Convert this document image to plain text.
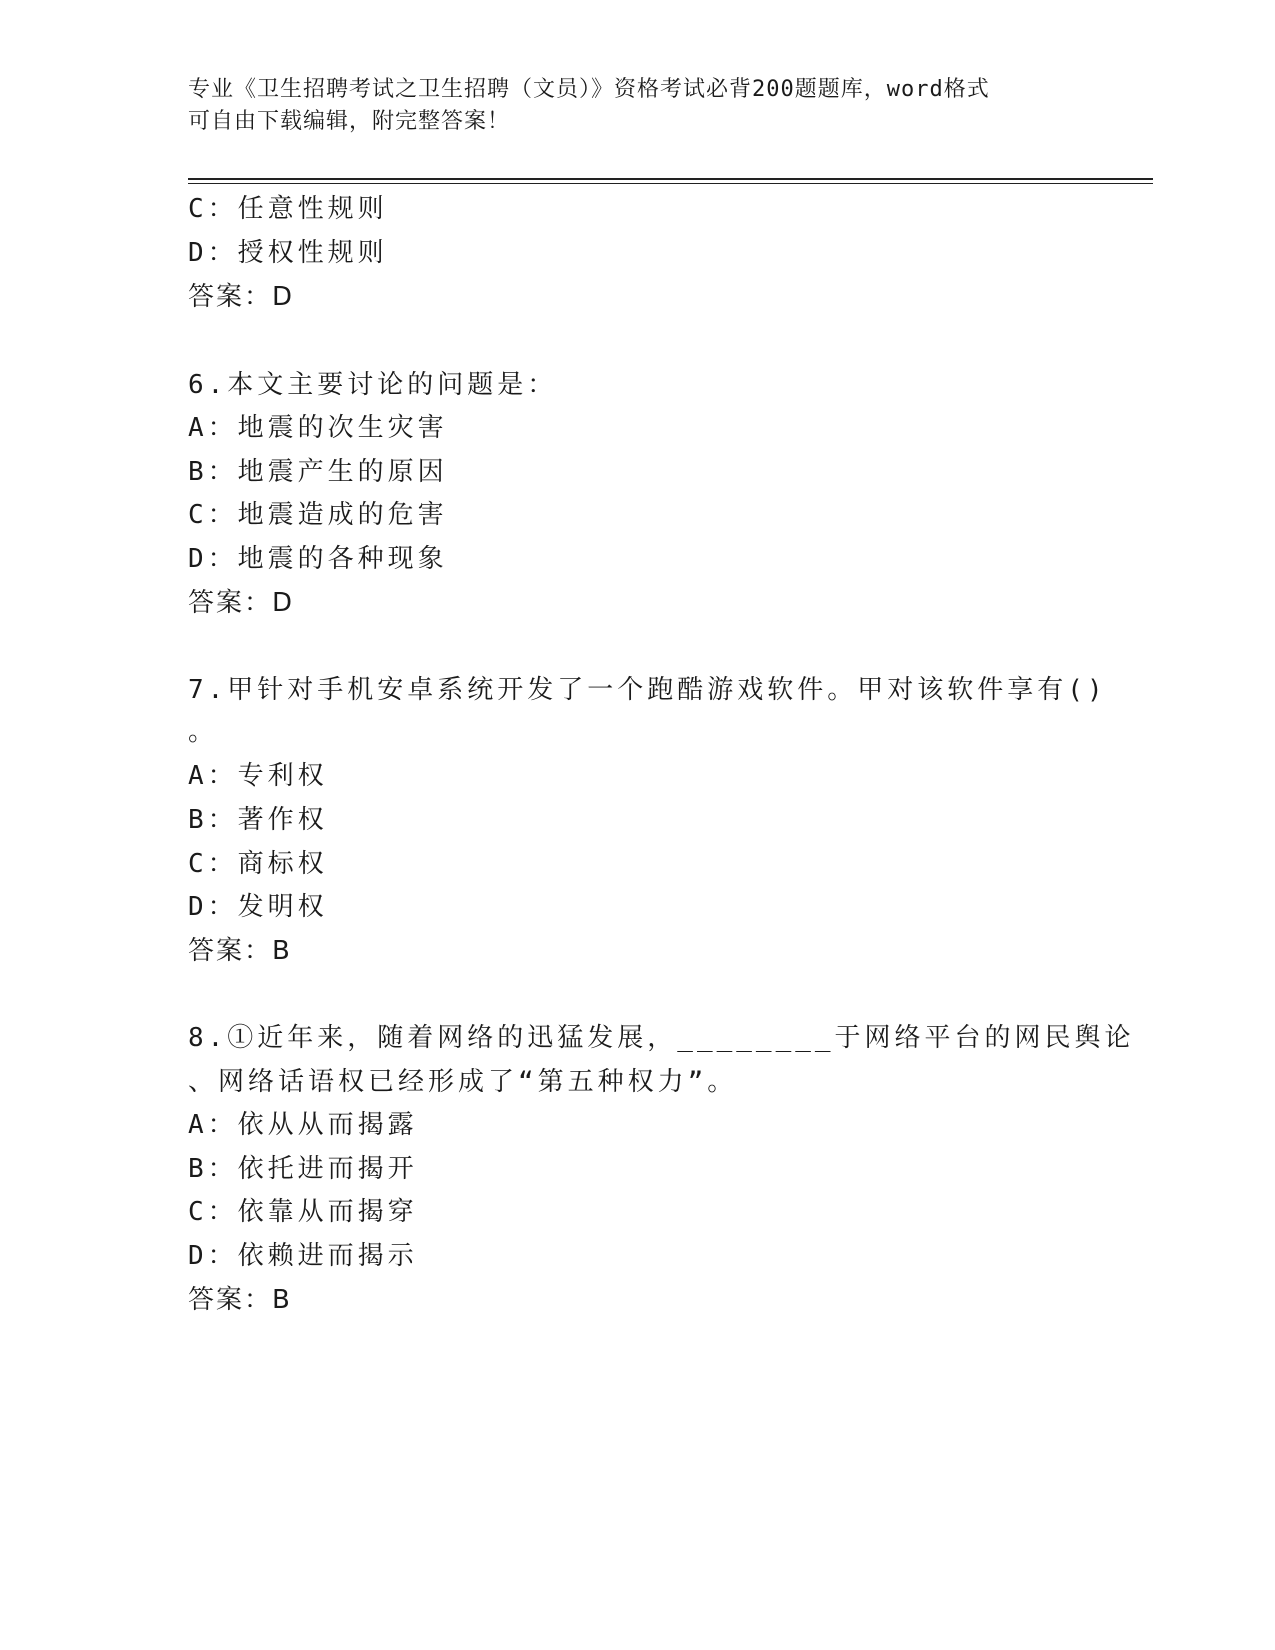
专业《卫生招聘考试之卫生招聘（文员）》资格考试必背200题题库，word格式
可自由下载编辑，附完整答案！
C：任意性规则
D：授权性规则
答案：D
6.本文主要讨论的问题是：
A：地震的次生灾害
B：地震产生的原因
C：地震造成的危害
D：地震的各种现象
答案：D
7.甲针对手机安卓系统开发了一个跑酷游戏软件。甲对该软件享有()
。
A：专利权
B：著作权
C：商标权
D：发明权
答案：B
8.①近年来，随着网络的迅猛发展，________于网络平台的网民舆论
、网络话语权已经形成了“第五种权力”。
A：依从从而揭露
B：依托进而揭开
C：依靠从而揭穿
D：依赖进而揭示
答案：B
